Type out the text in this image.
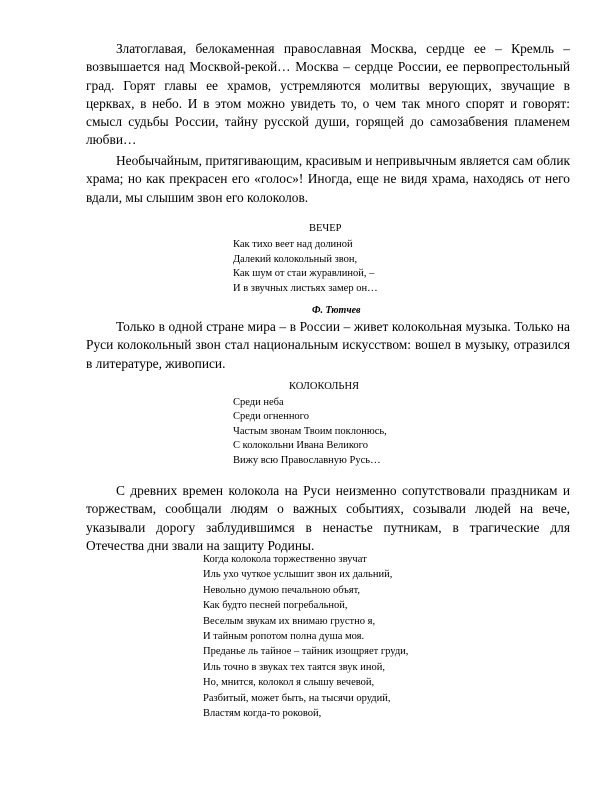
Златоглавая, белокаменная православная Москва, сердце ее – Кремль – возвышается над Москвой-рекой… Москва – сердце России, ее первопрестольный град. Горят главы ее храмов, устремляются молитвы верующих, звучащие в церквах, в небо. И в этом можно увидеть то, о чем так много спорят и говорят: смысл судьбы России, тайну русской души, горящей до самозабвения пламенем любви…

Необычайным, притягивающим, красивым и непривычным является сам облик храма; но как прекрасен его «голос»! Иногда, еще не видя храма, находясь от него вдали, мы слышим звон его колоколов.

ВЕЧЕР
Как тихо веет над долиной
Далекий колокольный звон,
Как шум от стаи журавлиной, –
И в звучных листьях замер он…
Ф. Тютчев

Только в одной стране мира – в России – живет колокольная музыка. Только на Руси колокольный звон стал национальным искусством: вошел в музыку, отразился в литературе, живописи.

КОЛОКОЛЬНЯ
Среди неба
Среди огненного
Частым звонам Твоим поклонюсь,
С колокольни Ивана Великого
Вижу всю Православную Русь…

С древних времен колокола на Руси неизменно сопутствовали праздникам и торжествам, сообщали людям о важных событиях, созывали людей на вече, указывали дорогу заблудившимся в ненастье путникам, в трагические для Отечества дни звали на защиту Родины.

Когда колокола торжественно звучат
Иль ухо чуткое услышит звон их дальний,
Невольно думою печальною объят,
Как будто песней погребальной,
Веселым звукам их внимаю грустно я,
И тайным ропотом полна душа моя.
Преданье ль тайное – тайник изощряет груди,
Иль точно в звуках тех таятся звук иной,
Но, мнится, колокол я слышу вечевой,
Разбитый, может быть, на тысячи орудий,
Властям когда-то роковой,
